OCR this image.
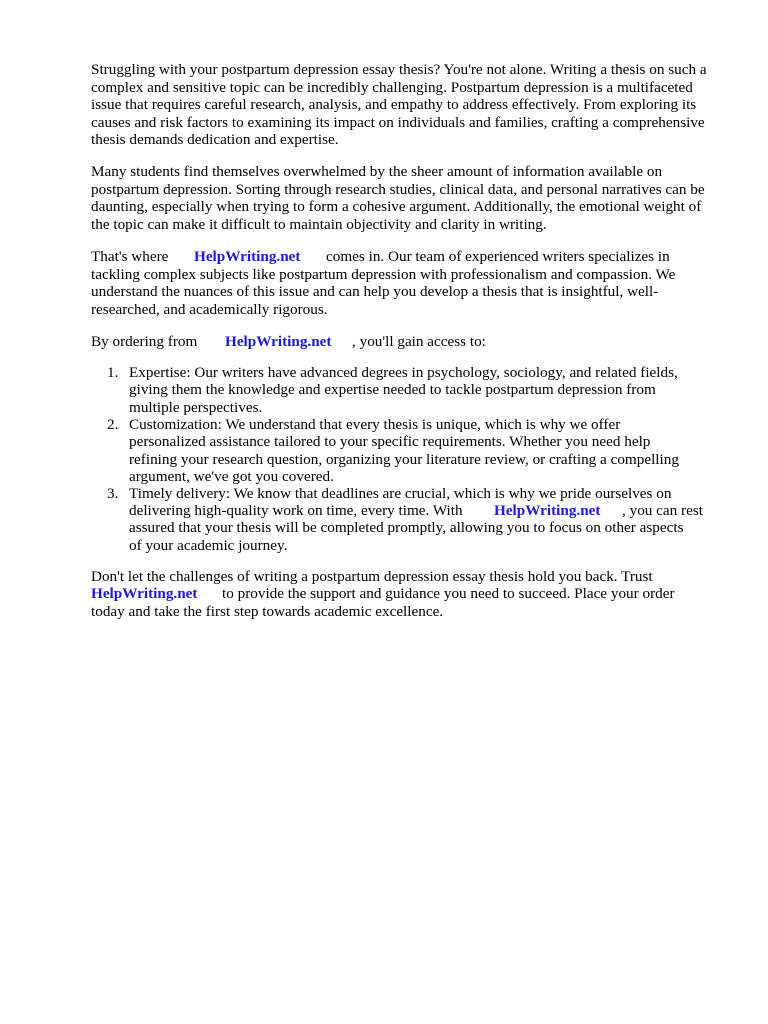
Struggling with your postpartum depression essay thesis? You're not alone. Writing a thesis on such a

complex and sensitive topic can be incredibly challenging. Postpartum depression is a multifaceted

issue that requires careful research, analysis, and empathy to address effectively. From exploring its

causes and risk factors to examining its impact on individuals and families, crafting a comprehensive

thesis demands dedication and expertise.

Many students find themselves overwhelmed by the sheer amount of information available on

postpartum depression. Sorting through research studies, clinical data, and personal narratives can be

daunting, especially when trying to form a cohesive argument. Additionally, the emotional weight of

the topic can make it difficult to maintain objectivity and clarity in writing.

That's where HelpWriting.net comes in. Our team of experienced writers specializes in

tackling complex subjects like postpartum depression with professionalism and compassion. We

understand the nuances of this issue and can help you develop a thesis that is insightful, well-

researched, and academically rigorous.

By ordering from HelpWriting.net , you'll gain access to:
1. Expertise: Our writers have advanced degrees in psychology, sociology, and related fields,

giving them the knowledge and expertise needed to tackle postpartum depression from

multiple perspectives.

2. Customization: We understand that every thesis is unique, which is why we offer

personalized assistance tailored to your specific requirements. Whether you need help

refining your research question, organizing your literature review, or crafting a compelling

argument, we've got you covered.

3. Timely delivery: We know that deadlines are crucial, which is why we pride ourselves on

delivering high-quality work on time, every time. With HelpWriting.net , you can rest

assured that your thesis will be completed promptly, allowing you to focus on other aspects

of your academic journey.

Don't let the challenges of writing a postpartum depression essay thesis hold you back. Trust

HelpWriting.net to provide the support and guidance you need to succeed. Place your order

today and take the first step towards academic excellence.
